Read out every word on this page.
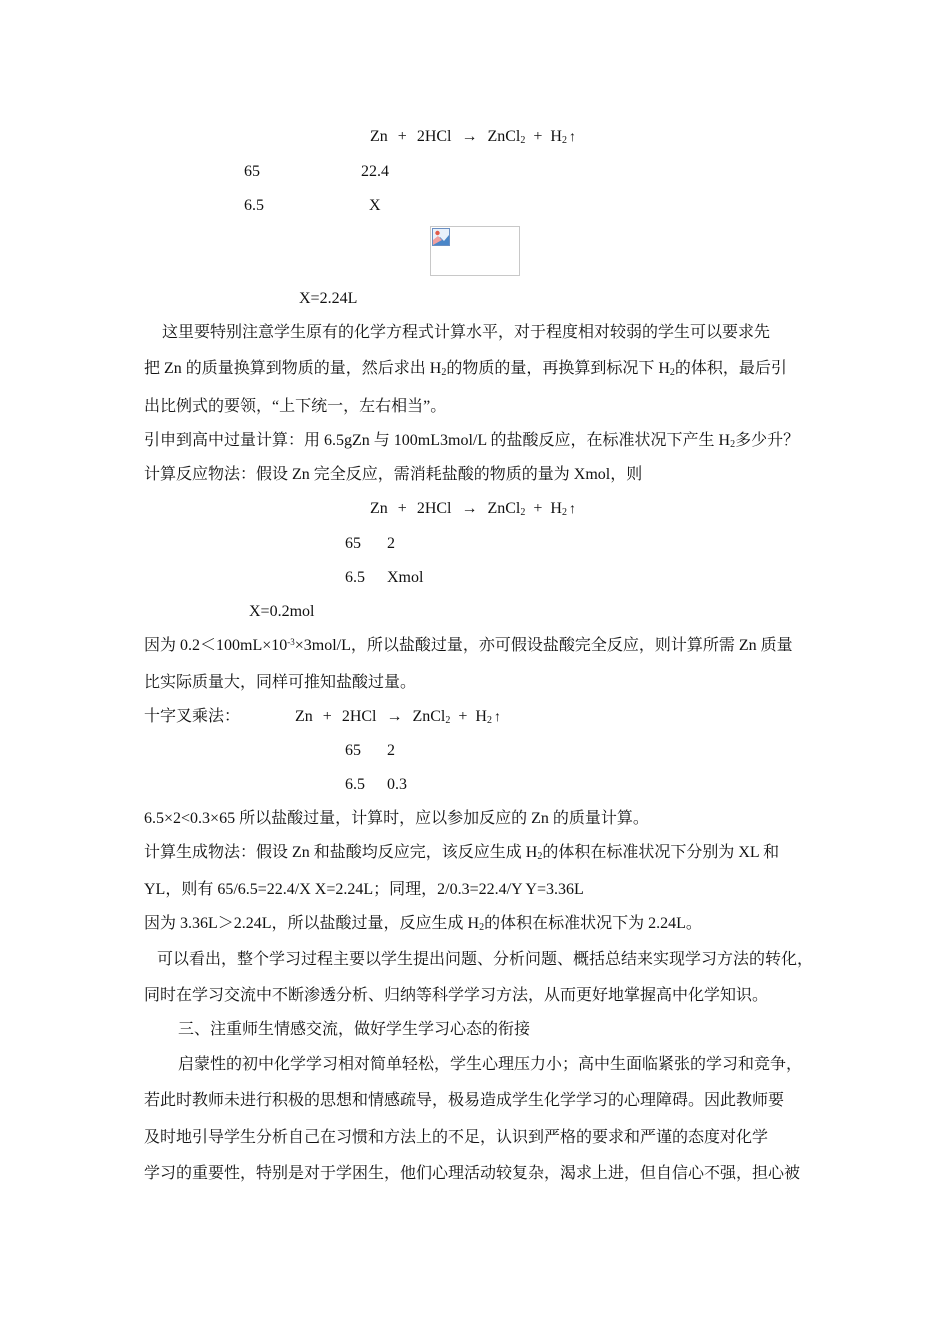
Zn + 2HCl → ZnCl$_2$ + $H_2$ ↑
65	22.4
6.5	X
X=2.24L
这里要特别注意学生原有的化学方程式计算水平，对于程度相对较弱的学生可以要求先
把 Zn 的质量换算到物质的量，然后求出 $H_2$的物质的量，再换算到标况下 $H_2$的体积，最后引
出比例式的要领，“上下统一，左右相当”。
引申到高中过量计算：用 6.5gZn 与 100mL3mol/L 的盐酸反应，在标准状况下产生 $H_2$多少升？
计算反应物法：假设 Zn 完全反应，需消耗盐酸的物质的量为 Xmol，则
Zn + 2HCl → ZnCl$_2$ + $H_2$ ↑
65 2
6.5 Xmol
X=0.2mol
因为 $0.2<100mL\times 10^{-3}\times 3mol/L$，所以盐酸过量，亦可假设盐酸完全反应，则计算所需 Zn 质量
比实际质量大，同样可推知盐酸过量。
十字叉乘法：	Zn + 2HCl → ZnCl$_2$ + $H_2$ ↑
65 2
6.5 0.3
6.5×2<0.3×65 所以盐酸过量，计算时，应以参加反应的 Zn 的质量计算。
计算生成物法：假设 Zn 和盐酸均反应完，该反应生成 $H_2$的体积在标准状况下分别为 XL 和
YL，则有 65/6.5=22.4/X X=2.24L；同理，2/0.3=22.4/Y Y=3.36L
因为 3.36L＞2.24L，所以盐酸过量，反应生成 $H_2$的体积在标准状况下为 2.24L。
可以看出，整个学习过程主要以学生提出问题、分析问题、概括总结来实现学习方法的转化，
同时在学习交流中不断渗透分析、归纳等科学学习方法，从而更好地掌握高中化学知识。
三、注重师生情感交流，做好学生学习心态的衔接
启蒙性的初中化学学习相对简单轻松，学生心理压力小；高中生面临紧张的学习和竞争，
若此时教师未进行积极的思想和情感疏导，极易造成学生化学学习的心理障碍。因此教师要
及时地引导学生分析自己在习惯和方法上的不足，认识到严格的要求和严谨的态度对化学
学习的重要性，特别是对于学困生，他们心理活动较复杂，渴求上进，但自信心不强，担心被
